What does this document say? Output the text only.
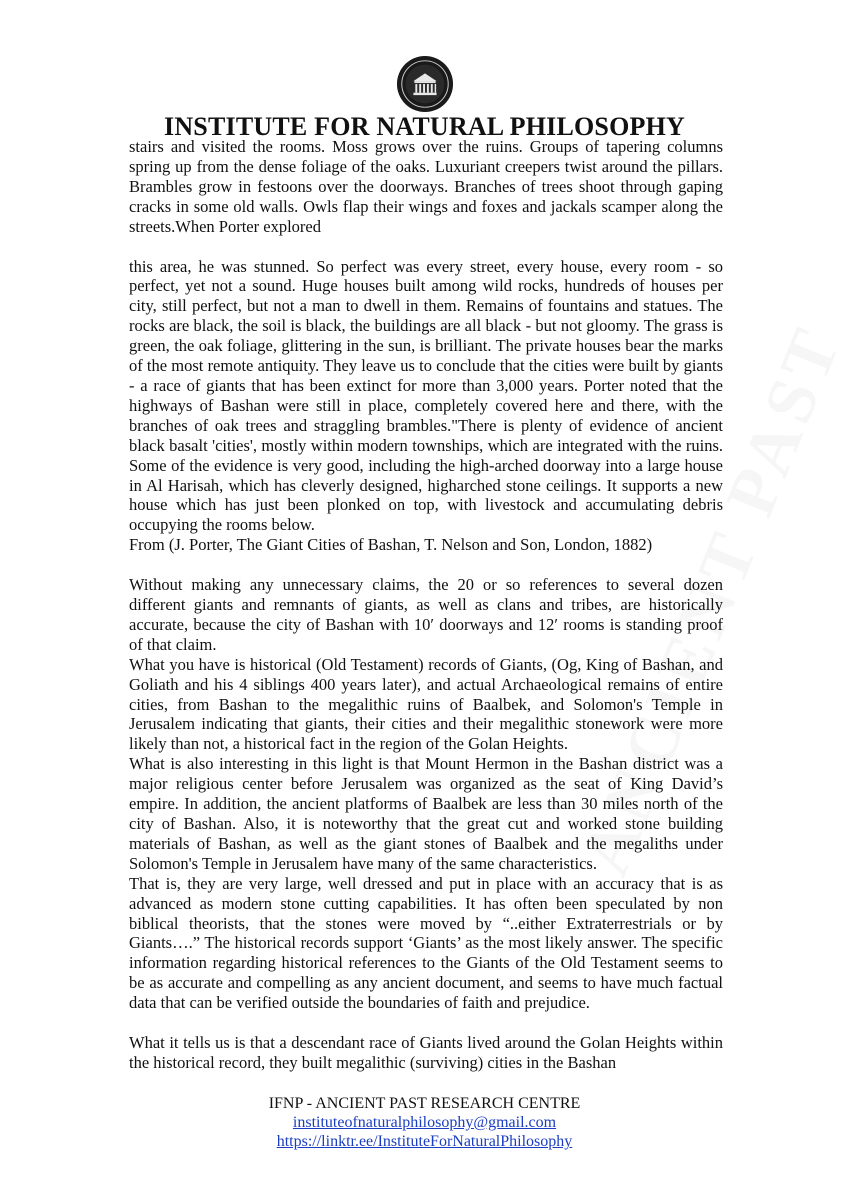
INSTITUTE FOR NATURAL PHILOSOPHY

stairs and visited the rooms. Moss grows over the ruins. Groups of tapering columns spring up from the dense foliage of the oaks. Luxuriant creepers twist around the pillars. Brambles grow in festoons over the doorways. Branches of trees shoot through gaping cracks in some old walls. Owls flap their wings and foxes and jackals scamper along the streets.When Porter explored

this area, he was stunned. So perfect was every street, every house, every room - so perfect, yet not a sound. Huge houses built among wild rocks, hundreds of houses per city, still perfect, but not a man to dwell in them. Remains of fountains and statues. The rocks are black, the soil is black, the buildings are all black - but not gloomy. The grass is green, the oak foliage, glittering in the sun, is brilliant. The private houses bear the marks of the most remote antiquity. They leave us to conclude that the cities were built by giants - a race of giants that has been extinct for more than 3,000 years. Porter noted that the highways of Bashan were still in place, completely covered here and there, with the branches of oak trees and straggling brambles."There is plenty of evidence of ancient black basalt 'cities', mostly within modern townships, which are integrated with the ruins. Some of the evidence is very good, including the high-arched doorway into a large house in Al Harisah, which has cleverly designed, higharched stone ceilings. It supports a new house which has just been plonked on top, with livestock and accumulating debris occupying the rooms below.

From (J. Porter, The Giant Cities of Bashan, T. Nelson and Son, London, 1882)

Without making any unnecessary claims, the 20 or so references to several dozen different giants and remnants of giants, as well as clans and tribes, are historically accurate, because the city of Bashan with 10′ doorways and 12′ rooms is standing proof of that claim.

What you have is historical (Old Testament) records of Giants, (Og, King of Bashan, and Goliath and his 4 siblings 400 years later), and actual Archaeological remains of entire cities, from Bashan to the megalithic ruins of Baalbek, and Solomon's Temple in Jerusalem indicating that giants, their cities and their megalithic stonework were more likely than not, a historical fact in the region of the Golan Heights.

What is also interesting in this light is that Mount Hermon in the Bashan district was a major religious center before Jerusalem was organized as the seat of King David’s empire. In addition, the ancient platforms of Baalbek are less than 30 miles north of the city of Bashan. Also, it is noteworthy that the great cut and worked stone building materials of Bashan, as well as the giant stones of Baalbek and the megaliths under Solomon's Temple in Jerusalem have many of the same characteristics.

That is, they are very large, well dressed and put in place with an accuracy that is as advanced as modern stone cutting capabilities. It has often been speculated by non biblical theorists, that the stones were moved by “..either Extraterrestrials or by Giants….” The historical records support ‘Giants’ as the most likely answer. The specific information regarding historical references to the Giants of the Old Testament seems to be as accurate and compelling as any ancient document, and seems to have much factual data that can be verified outside the boundaries of faith and prejudice.

What it tells us is that a descendant race of Giants lived around the Golan Heights within the historical record, they built megalithic (surviving) cities in the Bashan

IFNP - ANCIENT PAST RESEARCH CENTRE
instituteofnaturalphilosophy@gmail.com
https://linktr.ee/InstituteForNaturalPhilosophy
